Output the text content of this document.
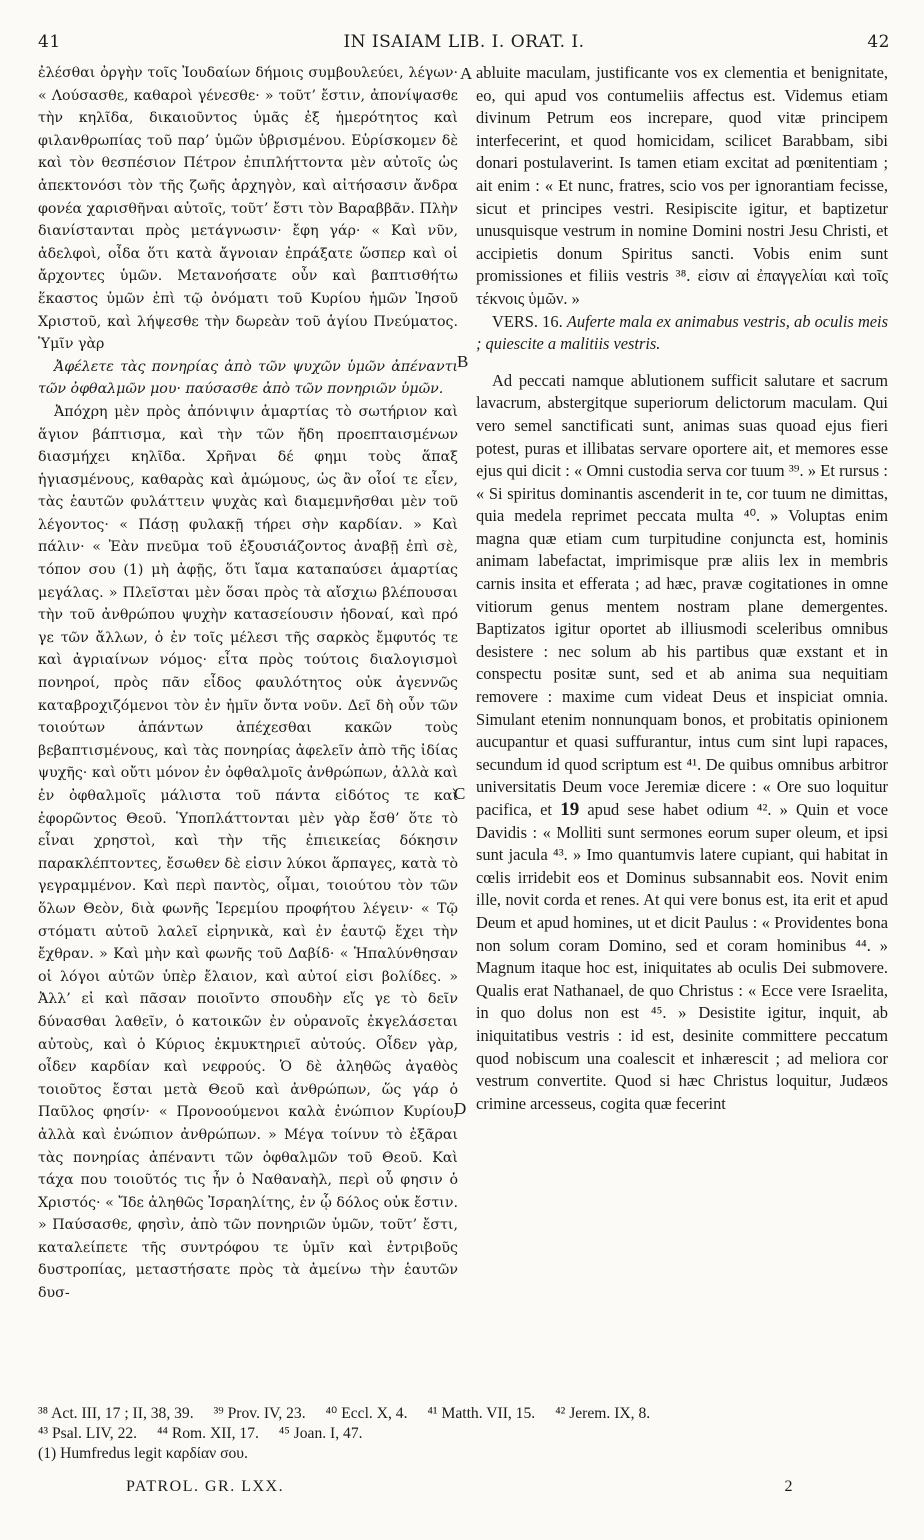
41	IN ISAIAM LIB. I. ORAT. I.	42

ἐλέσθαι ὀργὴν τοῖς Ἰουδαίων δήμοις συμβουλεύει, λέγων· « Λούσασθε, καθαροὶ γένεσθε· » τοῦτ’ ἔστιν, ἀπονίψασθε τὴν κηλῖδα, δικαιοῦντος ὑμᾶς ἐξ ἡμερότητος καὶ φιλανθρωπίας τοῦ παρ’ ὑμῶν ὑβρισμένου. Εὑρίσκομεν δὲ καὶ τὸν θεσπέσιον Πέτρον ἐπιπλήττοντα μὲν αὐτοῖς ὡς ἀπεκτονόσι τὸν τῆς ζωῆς ἀρχηγὸν, καὶ αἰτήσασιν ἄνδρα φονέα χαρισθῆναι αὐτοῖς, τοῦτ’ ἔστι τὸν Βαραββᾶν. Πλὴν διανίστανται πρὸς μετάγνωσιν· ἔφη γάρ· « Καὶ νῦν, ἀδελφοὶ, οἶδα ὅτι κατὰ ἄγνοιαν ἐπράξατε ὥσπερ καὶ οἱ ἄρχοντες ὑμῶν. Μετανοήσατε οὖν καὶ βαπτισθήτω ἕκαστος ὑμῶν ἐπὶ τῷ ὀνόματι τοῦ Κυρίου ἡμῶν Ἰησοῦ Χριστοῦ, καὶ λήψεσθε τὴν δωρεὰν τοῦ ἁγίου Πνεύματος. Ὑμῖν γὰρ

Ἀφέλετε τὰς πονηρίας ἀπὸ τῶν ψυχῶν ὑμῶν ἀπέναντι τῶν ὀφθαλμῶν μου· παύσασθε ἀπὸ τῶν πονηριῶν ὑμῶν.

Ἀπόχρη μὲν πρὸς ἀπόνιψιν ἁμαρτίας τὸ σωτήριον καὶ ἅγιον βάπτισμα, καὶ τὴν τῶν ἤδη προεπταισμένων διασμήχει κηλῖδα. Χρῆναι δέ φημι τοὺς ἅπαξ ἡγιασμένους, καθαρὰς καὶ ἀμώμους, ὡς ἂν οἷοί τε εἶεν, τὰς ἑαυτῶν φυλάττειν ψυχὰς καὶ διαμεμνῆσθαι μὲν τοῦ λέγοντος· « Πάσῃ φυλακῇ τήρει σὴν καρδίαν. » Καὶ πάλιν· « Ἐὰν πνεῦμα τοῦ ἐξουσιάζοντος ἀναβῇ ἐπὶ σὲ, τόπον σου (1) μὴ ἀφῇς, ὅτι ἴαμα καταπαύσει ἁμαρτίας μεγάλας. » Πλεῖσται μὲν ὅσαι πρὸς τὰ αἴσχιω βλέπουσαι τὴν τοῦ ἀνθρώπου ψυχὴν κατασείουσιν ἡδοναί, καὶ πρό γε τῶν ἄλλων, ὁ ἐν τοῖς μέλεσι τῆς σαρκὸς ἔμφυτός τε καὶ ἀγριαίνων νόμος· εἶτα πρὸς τούτοις διαλογισμοὶ πονηροί, πρὸς πᾶν εἶδος φαυλότητος οὐκ ἀγεννῶς καταβροχιζόμενοι τὸν ἐν ἡμῖν ὄντα νοῦν. Δεῖ δὴ οὖν τῶν τοιούτων ἁπάντων ἀπέχεσθαι κακῶν τοὺς βεβαπτισμένους, καὶ τὰς πονηρίας ἀφελεῖν ἀπὸ τῆς ἰδίας ψυχῆς· καὶ οὔτι μόνον ἐν ὀφθαλμοῖς ἀνθρώπων, ἀλλὰ καὶ ἐν ὀφθαλμοῖς μάλιστα τοῦ πάντα εἰδότος τε καὶ ἐφορῶντος Θεοῦ. Ὑποπλάττονται μὲν γὰρ ἔσθ’ ὅτε τὸ εἶναι χρηστοὶ, καὶ τὴν τῆς ἐπιεικείας δόκησιν παρακλέπτοντες, ἔσωθεν δὲ εἰσιν λύκοι ἅρπαγες, κατὰ τὸ γεγραμμένον. Καὶ περὶ παντὸς, οἶμαι, τοιούτου τὸν τῶν ὅλων Θεὸν, διὰ φωνῆς Ἱερεμίου προφήτου λέγειν· « Τῷ στόματι αὐτοῦ λαλεῖ εἰρηνικὰ, καὶ ἐν ἑαυτῷ ἔχει τὴν ἔχθραν. » Καὶ μὴν καὶ φωνῆς τοῦ Δαβίδ· « Ἡπαλύνθησαν οἱ λόγοι αὐτῶν ὑπὲρ ἔλαιον, καὶ αὐτοί εἰσι βολίδες. » Ἀλλ’ εἰ καὶ πᾶσαν ποιοῖντο σπουδὴν εἴς γε τὸ δεῖν δύνασθαι λαθεῖν, ὁ κατοικῶν ἐν οὐρανοῖς ἐκγελάσεται αὐτοὺς, καὶ ὁ Κύριος ἐκμυκτηριεῖ αὐτούς. Οἶδεν γὰρ, οἶδεν καρδίαν καὶ νεφρούς. Ὁ δὲ ἀληθῶς ἀγαθὸς τοιοῦτος ἔσται μετὰ Θεοῦ καὶ ἀνθρώπων, ὥς γάρ ὁ Παῦλος φησίν· « Προνοούμενοι καλὰ ἐνώπιον Κυρίου, ἀλλὰ καὶ ἐνώπιον ἀνθρώπων. » Μέγα τοίνυν τὸ ἐξᾶραι τὰς πονηρίας ἀπέναντι τῶν ὀφθαλμῶν τοῦ Θεοῦ. Καὶ τάχα που τοιοῦτός τις ἦν ὁ Ναθαναὴλ, περὶ οὗ φησιν ὁ Χριστός· « Ἴδε ἀληθῶς Ἰσραηλίτης, ἐν ᾧ δόλος οὐκ ἔστιν. » Παύσασθε, φησὶν, ἀπὸ τῶν πονηριῶν ὑμῶν, τοῦτ’ ἔστι, καταλείπετε τῆς συντρόφου τε ὑμῖν καὶ ἐντριβοῦς δυστροπίας, μεταστήσατε πρὸς τὰ ἀμείνω τὴν ἑαυτῶν δυσ-

abluite maculam, justificante vos ex clementia et benignitate, eo, qui apud vos contumeliis affectus est. Videmus etiam divinum Petrum eos increpare, quod vitæ principem interfecerint, et quod homicidam, scilicet Barabbam, sibi donari postulaverint. Is tamen etiam excitat ad pœnitentiam ; ait enim : « Et nunc, fratres, scio vos per ignorantiam fecisse, sicut et principes vestri. Resipiscite igitur, et baptizetur unusquisque vestrum in nomine Domini nostri Jesu Christi, et accipietis donum Spiritus sancti. Vobis enim sunt promissiones et filiis vestris ³⁸. εἰσιν αἱ ἐπαγγελίαι καὶ τοῖς τέκνοις ὑμῶν. »

VERS. 16. Auferte mala ex animabus vestris, ab oculis meis ; quiescite a malitiis vestris.

Ad peccati namque ablutionem sufficit salutare et sacrum lavacrum, abstergitque superiorum delictorum maculam. Qui vero semel sanctificati sunt, animas suas quoad ejus fieri potest, puras et illibatas servare oportere ait, et memores esse ejus qui dicit : « Omni custodia serva cor tuum ³⁹. » Et rursus : « Si spiritus dominantis ascenderit in te, cor tuum ne dimittas, quia medela reprimet peccata multa ⁴⁰. » Voluptas enim magna quæ etiam cum turpitudine conjuncta est, hominis animam labefactat, imprimisque præ aliis lex in membris carnis insita et efferata ; ad hæc, pravæ cogitationes in omne vitiorum genus mentem nostram plane demergentes. Baptizatos igitur oportet ab illiusmodi sceleribus omnibus desistere : nec solum ab his partibus quæ exstant et in conspectu positæ sunt, sed et ab anima sua nequitiam removere : maxime cum videat Deus et inspiciat omnia. Simulant etenim nonnunquam bonos, et probitatis opinionem aucupantur et quasi suffurantur, intus cum sint lupi rapaces, secundum id quod scriptum est ⁴¹. De quibus omnibus arbitror universitatis Deum voce Jeremiæ dicere : « Ore suo loquitur pacifica, et 19 apud sese habet odium ⁴². » Quin et voce Davidis : « Molliti sunt sermones eorum super oleum, et ipsi sunt jacula ⁴³. » Imo quantumvis latere cupiant, qui habitat in cœlis irridebit eos et Dominus subsannabit eos. Novit enim ille, novit corda et renes. At qui vere bonus est, ita erit et apud Deum et apud homines, ut et dicit Paulus : « Providentes bona non solum coram Domino, sed et coram hominibus ⁴⁴. » Magnum itaque hoc est, iniquitates ab oculis Dei submovere. Qualis erat Nathanael, de quo Christus : « Ecce vere Israelita, in quo dolus non est ⁴⁵. » Desistite igitur, inquit, ab iniquitatibus vestris : id est, desinite committere peccatum quod nobiscum una coalescit et inhærescit ; ad meliora cor vestrum convertite. Quod si hæc Christus loquitur, Judæos crimine arcesseus, cogita quæ fecerint

A
B
C
D
³⁸ Act. III, 17 ; II, 38, 39. ³⁹ Prov. IV, 23. ⁴⁰ Eccl. X, 4. ⁴¹ Matth. VII, 15. ⁴² Jerem. IX, 8.
⁴³ Psal. LIV, 22. ⁴⁴ Rom. XII, 17. ⁴⁵ Joan. I, 47.
(1) Humfredus legit καρδίαν σου.
PATROL. GR. LXX.	2
